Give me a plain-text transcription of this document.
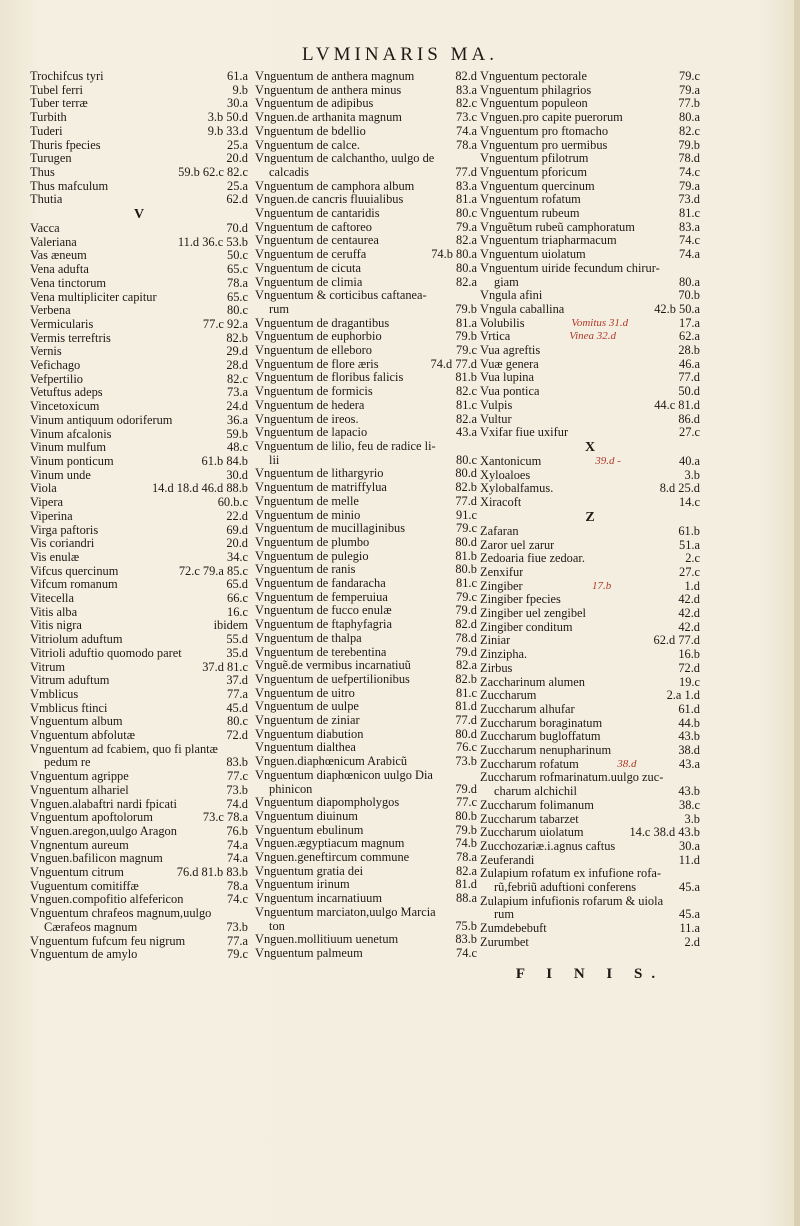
LVMINARIS MA.
Trochifcus tyri	61.a
Tubel ferri	9.b
Tuber terræ	30.a
Turbith	3.b 50.d
Tuderi	9.b 33.d
Thuris fpecies	25.a
Turugen	20.d
Thus	59.b 62.c 82.c
Thus mafculum	25.a
Thutia	62.d
V
Vacca	70.d
Valeriana	11.d 36.c 53.b
Vas æneum	50.c
Vena adufta	65.c
Vena tinctorum	78.a
Vena multipliciter capitur	65.c
Verbena	80.c
Vermicularis	77.c 92.a
Vermis terreftris	82.b
Vernis	29.d
Vefichago	28.d
Vefpertilio	82.c
Vetuftus adeps	73.a
Vincetoxicum	24.d
Vinum antiquum odoriferum	36.a
Vinum afcalonis	59.b
Vinum mulfum	48.c
Vinum ponticum	61.b 84.b
Vinum unde	30.d
Viola	14.d 18.d 46.d 88.b
Vipera	60.b.c
Viperina	22.d
Virga paftoris	69.d
Vis coriandri	20.d
Vis enulæ	34.c
Vifcus quercinum	72.c 79.a 85.c
Vifcum romanum	65.d
Vitecella	66.c
Vitis alba	16.c
Vitis nigra	ibidem
Vitriolum aduftum	55.d
Vitrioli aduftio quomodo paret	35.d
Vitrum	37.d 81.c
Vitrum aduftum	37.d
Vmblicus	77.a
Vmblicus ftinci	45.d
Vnguentum album	80.c
Vnguentum abfolutæ	72.d
Vnguentum ad fcabiem, quo fi plantæ
pedum re	83.b
Vnguentum agrippe	77.c
Vnguentum alhariel	73.b
Vnguen.alabaftri nardi fpicati	74.d
Vnguentum apoftolorum	73.c 78.a
Vnguen.aregon,uulgo Aragon	76.b
Vngnentum aureum	74.a
Vnguen.bafilicon magnum	74.a
Vnguentum citrum	76.d 81.b 83.b
Vuguentum comitiffæ	78.a
Vnguen.compofitio alfefericon	74.c
Vnguentum chrafeos magnum,uulgo
Cærafeos magnum	73.b
Vnguentum fufcum feu nigrum	77.a
Vnguentum de amylo	79.c
Vnguentum de anthera magnum	82.d
Vnguentum de anthera minus	83.a
Vnguentum de adipibus	82.c
Vnguen.de arthanita magnum	73.c
Vnguentum de bdellio	74.a
Vnguentum de calce.	78.a
Vnguentum de calchantho, uulgo de
calcadis	77.d
Vnguentum de camphora album	83.a
Vnguen.de cancris fluuialibus	81.a
Vnguentum de cantaridis	80.c
Vnguentum de caftoreo	79.a
Vnguentum de centaurea	82.a
Vnguentum de ceruffa	74.b 80.a
Vnguentum de cicuta	80.a
Vnguentum de climia	82.a
Vnguentum & corticibus caftanea-
rum	79.b
Vnguentum de dragantibus	81.a
Vnguentum de euphorbio	79.b
Vnguentum de elleboro	79.c
Vnguentum de flore æris	74.d 77.d
Vnguentum de floribus falicis	81.b
Vnguentum de formicis	82.c
Vnguentum de hedera	81.c
Vnguentum de ireos.	82.a
Vnguentum de lapacio	43.a
Vnguentum de lilio, feu de radice li-
lii	80.c
Vnguentum de lithargyrio	80.d
Vnguentum de matriffylua	82.b
Vnguentum de melle	77.d
Vnguentum de minio	91.c
Vnguentum de mucillaginibus	79.c
Vnguentum de plumbo	80.d
Vnguentum de pulegio	81.b
Vnguentum de ranis	80.b
Vnguentum de fandaracha	81.c
Vnguentum de femperuiua	79.c
Vnguentum de fucco enulæ	79.d
Vnguentum de ftaphyfagria	82.d
Vnguentum de thalpa	78.d
Vnguentum de terebentina	79.d
Vnguẽ.de vermibus incarnatiuũ	82.a
Vnguentum de uefpertilionibus	82.b
Vnguentum de uitro	81.c
Vnguentum de uulpe	81.d
Vnguentum de ziniar	77.d
Vnguentum diabution	80.d
Vnguentum dialthea	76.c
Vnguen.diaphœnicum Arabicũ	73.b
Vnguentum diaphœnicon uulgo Dia
phinicon	79.d
Vnguentum diapompholygos	77.c
Vnguentum diuinum	80.b
Vnguentum ebulinum	79.b
Vnguen.ægyptiacum magnum	74.b
Vnguen.geneftircum commune	78.a
Vnguentum gratia dei	82.a
Vnguentum irinum	81.d
Vnguentum incarnatiuum	88.a
Vnguentum marciaton,uulgo Marcia
ton	75.b
Vnguen.mollitiuum uenetum	83.b
Vnguentum palmeum	74.c
Vnguentum pectorale	79.c
Vnguentum philagrios	79.a
Vnguentum populeon	77.b
Vnguen.pro capite puerorum	80.a
Vnguentum pro ftomacho	82.c
Vnguentum pro uermibus	79.b
Vnguentum pfilotrum	78.d
Vnguentum pforicum	74.c
Vnguentum quercinum	79.a
Vnguentum rofatum	73.d
Vnguentum rubeum	81.c
Vnguẽtum rubeũ camphoratum	83.a
Vnguentum triapharmacum	74.c
Vnguentum uiolatum	74.a
Vnguentum uiride fecundum chirur-
giam	80.a
Vngula afini	70.b
Vngula caballina	42.b 50.a
Volubilis	Vomitus 31.d	17.a
Vrtica	Vinea 32.d	62.a
Vua agreftis	28.b
Vuæ genera	46.a
Vua lupina	77.d
Vua pontica	50.d
Vulpis	44.c 81.d
Vultur	86.d
Vxifar fiue uxifur	27.c
X
Xantonicum	39.d -	40.a
Xyloaloes	3.b
Xylobalfamus.	8.d 25.d
Xiracoft	14.c
Z
Zafaran	61.b
Zaror uel zarur	51.a
Zedoaria fiue zedoar.	2.c
Zenxifur	27.c
Zingiber	17.b	1.d
Zingiber fpecies	42.d
Zingiber uel zengibel	42.d
Zingiber conditum	42.d
Ziniar	62.d 77.d
Zinzipha.	16.b
Zirbus	72.d
Zaccharinum alumen	19.c
Zuccharum	2.a 1.d
Zuccharum alhufar	61.d
Zuccharum boraginatum	44.b
Zuccharum bugloffatum	43.b
Zuccharum nenupharinum	38.d
Zuccharum rofatum	38.d	43.a
Zuccharum rofmarinatum.uulgo zuc-
charum alchichil	43.b
Zuccharum folimanum	38.c
Zuccharum tabarzet	3.b
Zuccharum uiolatum	14.c 38.d 43.b
Zucchozariæ.i.agnus caftus	30.a
Zeuferandi	11.d
Zulapium rofatum ex infufione rofa-
rũ,febriũ aduftioni conferens	45.a
Zulapium infufionis rofarum & uiola
rum	45.a
Zumdebebuft	11.a
Zurumbet	2.d
F I N I S.
